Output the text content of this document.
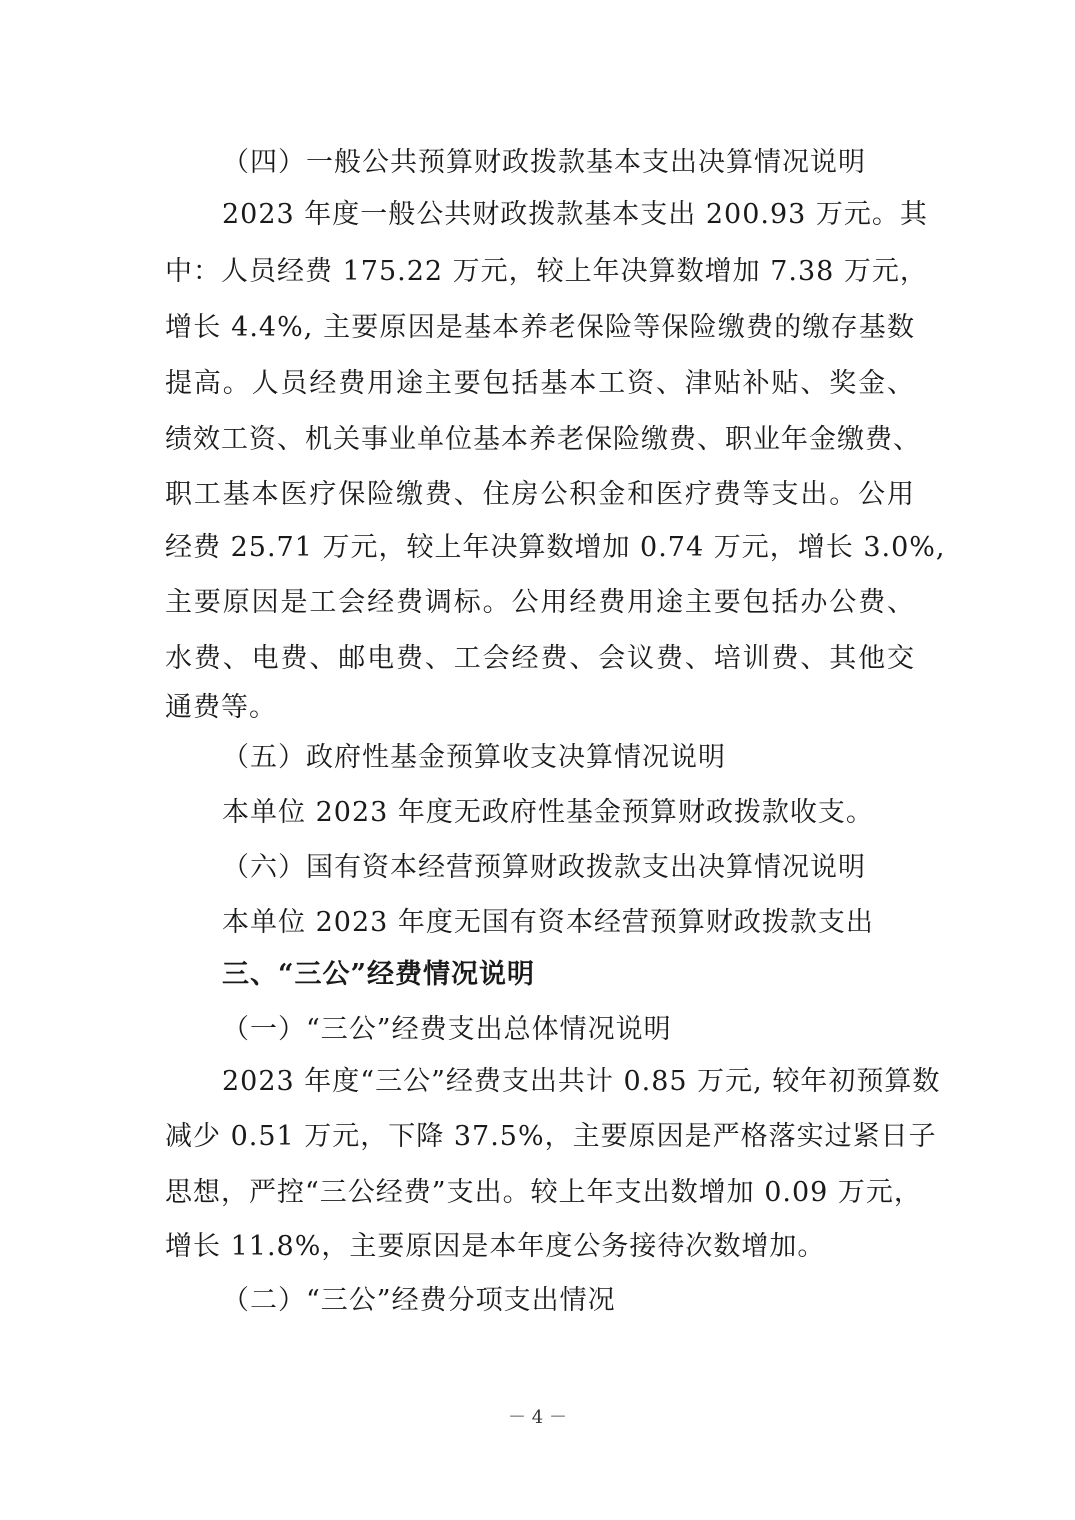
（四）一般公共预算财政拨款基本支出决算情况说明
2023 年度一般公共财政拨款基本支出 200.93 万元。其
中：人员经费 175.22 万元，较上年决算数增加 7.38 万元，
增长 4.4%, 主要原因是基本养老保险等保险缴费的缴存基数
提高。人员经费用途主要包括基本工资、津贴补贴、奖金、
绩效工资、机关事业单位基本养老保险缴费、职业年金缴费、
职工基本医疗保险缴费、住房公积金和医疗费等支出。公用
经费 25.71 万元，较上年决算数增加 0.74 万元，增长 3.0%,
主要原因是工会经费调标。公用经费用途主要包括办公费、
水费、电费、邮电费、工会经费、会议费、培训费、其他交
通费等。
（五）政府性基金预算收支决算情况说明
本单位 2023 年度无政府性基金预算财政拨款收支。
（六）国有资本经营预算财政拨款支出决算情况说明
本单位 2023 年度无国有资本经营预算财政拨款支出
三、“三公”经费情况说明
（一）“三公”经费支出总体情况说明
2023 年度“三公”经费支出共计 0.85 万元, 较年初预算数
减少 0.51 万元，下降 37.5%，主要原因是严格落实过紧日子
思想，严控“三公经费”支出。较上年支出数增加 0.09 万元，
增长 11.8%，主要原因是本年度公务接待次数增加。
（二）“三公”经费分项支出情况
－ 4 －
